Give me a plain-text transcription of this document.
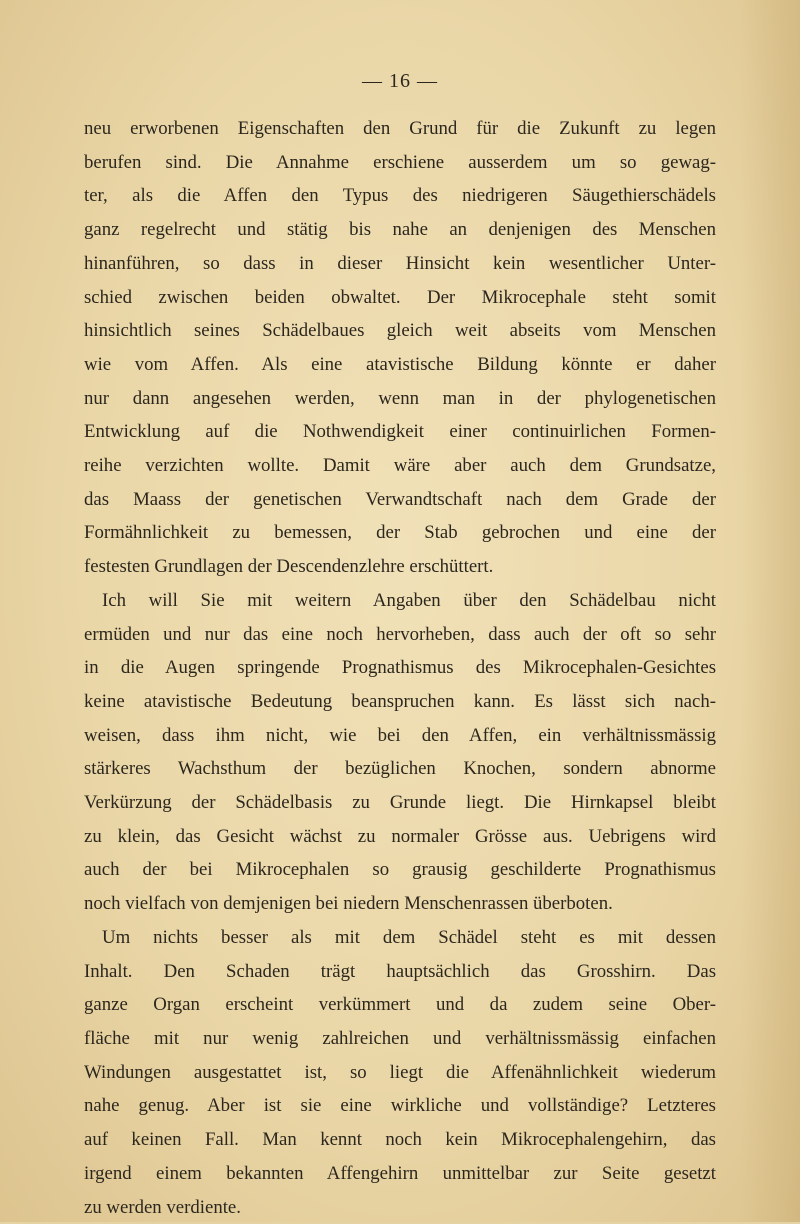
— 16 —

neu erworbenen Eigenschaften den Grund für die Zukunft zu legen
berufen sind. Die Annahme erschiene ausserdem um so gewag-
ter, als die Affen den Typus des niedrigeren Säugethierschädels
ganz regelrecht und stätig bis nahe an denjenigen des Menschen
hinanführen, so dass in dieser Hinsicht kein wesentlicher Unter-
schied zwischen beiden obwaltet. Der Mikrocephale steht somit
hinsichtlich seines Schädelbaues gleich weit abseits vom Menschen
wie vom Affen. Als eine atavistische Bildung könnte er daher
nur dann angesehen werden, wenn man in der phylogenetischen
Entwicklung auf die Nothwendigkeit einer continuirlichen Formen-
reihe verzichten wollte. Damit wäre aber auch dem Grundsatze,
das Maass der genetischen Verwandtschaft nach dem Grade der
Formähnlichkeit zu bemessen, der Stab gebrochen und eine der
festesten Grundlagen der Descendenzlehre erschüttert.

Ich will Sie mit weitern Angaben über den Schädelbau nicht
ermüden und nur das eine noch hervorheben, dass auch der oft so sehr
in die Augen springende Prognathismus des Mikrocephalen-Gesichtes
keine atavistische Bedeutung beanspruchen kann. Es lässt sich nach-
weisen, dass ihm nicht, wie bei den Affen, ein verhältnissmässig
stärkeres Wachsthum der bezüglichen Knochen, sondern abnorme
Verkürzung der Schädelbasis zu Grunde liegt. Die Hirnkapsel bleibt
zu klein, das Gesicht wächst zu normaler Grösse aus. Uebrigens wird
auch der bei Mikrocephalen so grausig geschilderte Prognathismus
noch vielfach von demjenigen bei niedern Menschenrassen überboten.

Um nichts besser als mit dem Schädel steht es mit dessen
Inhalt. Den Schaden trägt hauptsächlich das Grosshirn. Das
ganze Organ erscheint verkümmert und da zudem seine Ober-
fläche mit nur wenig zahlreichen und verhältnissmässig einfachen
Windungen ausgestattet ist, so liegt die Affenähnlichkeit wiederum
nahe genug. Aber ist sie eine wirkliche und vollständige? Letzteres
auf keinen Fall. Man kennt noch kein Mikrocephalengehirn, das
irgend einem bekannten Affengehirn unmittelbar zur Seite gesetzt
zu werden verdiente.
